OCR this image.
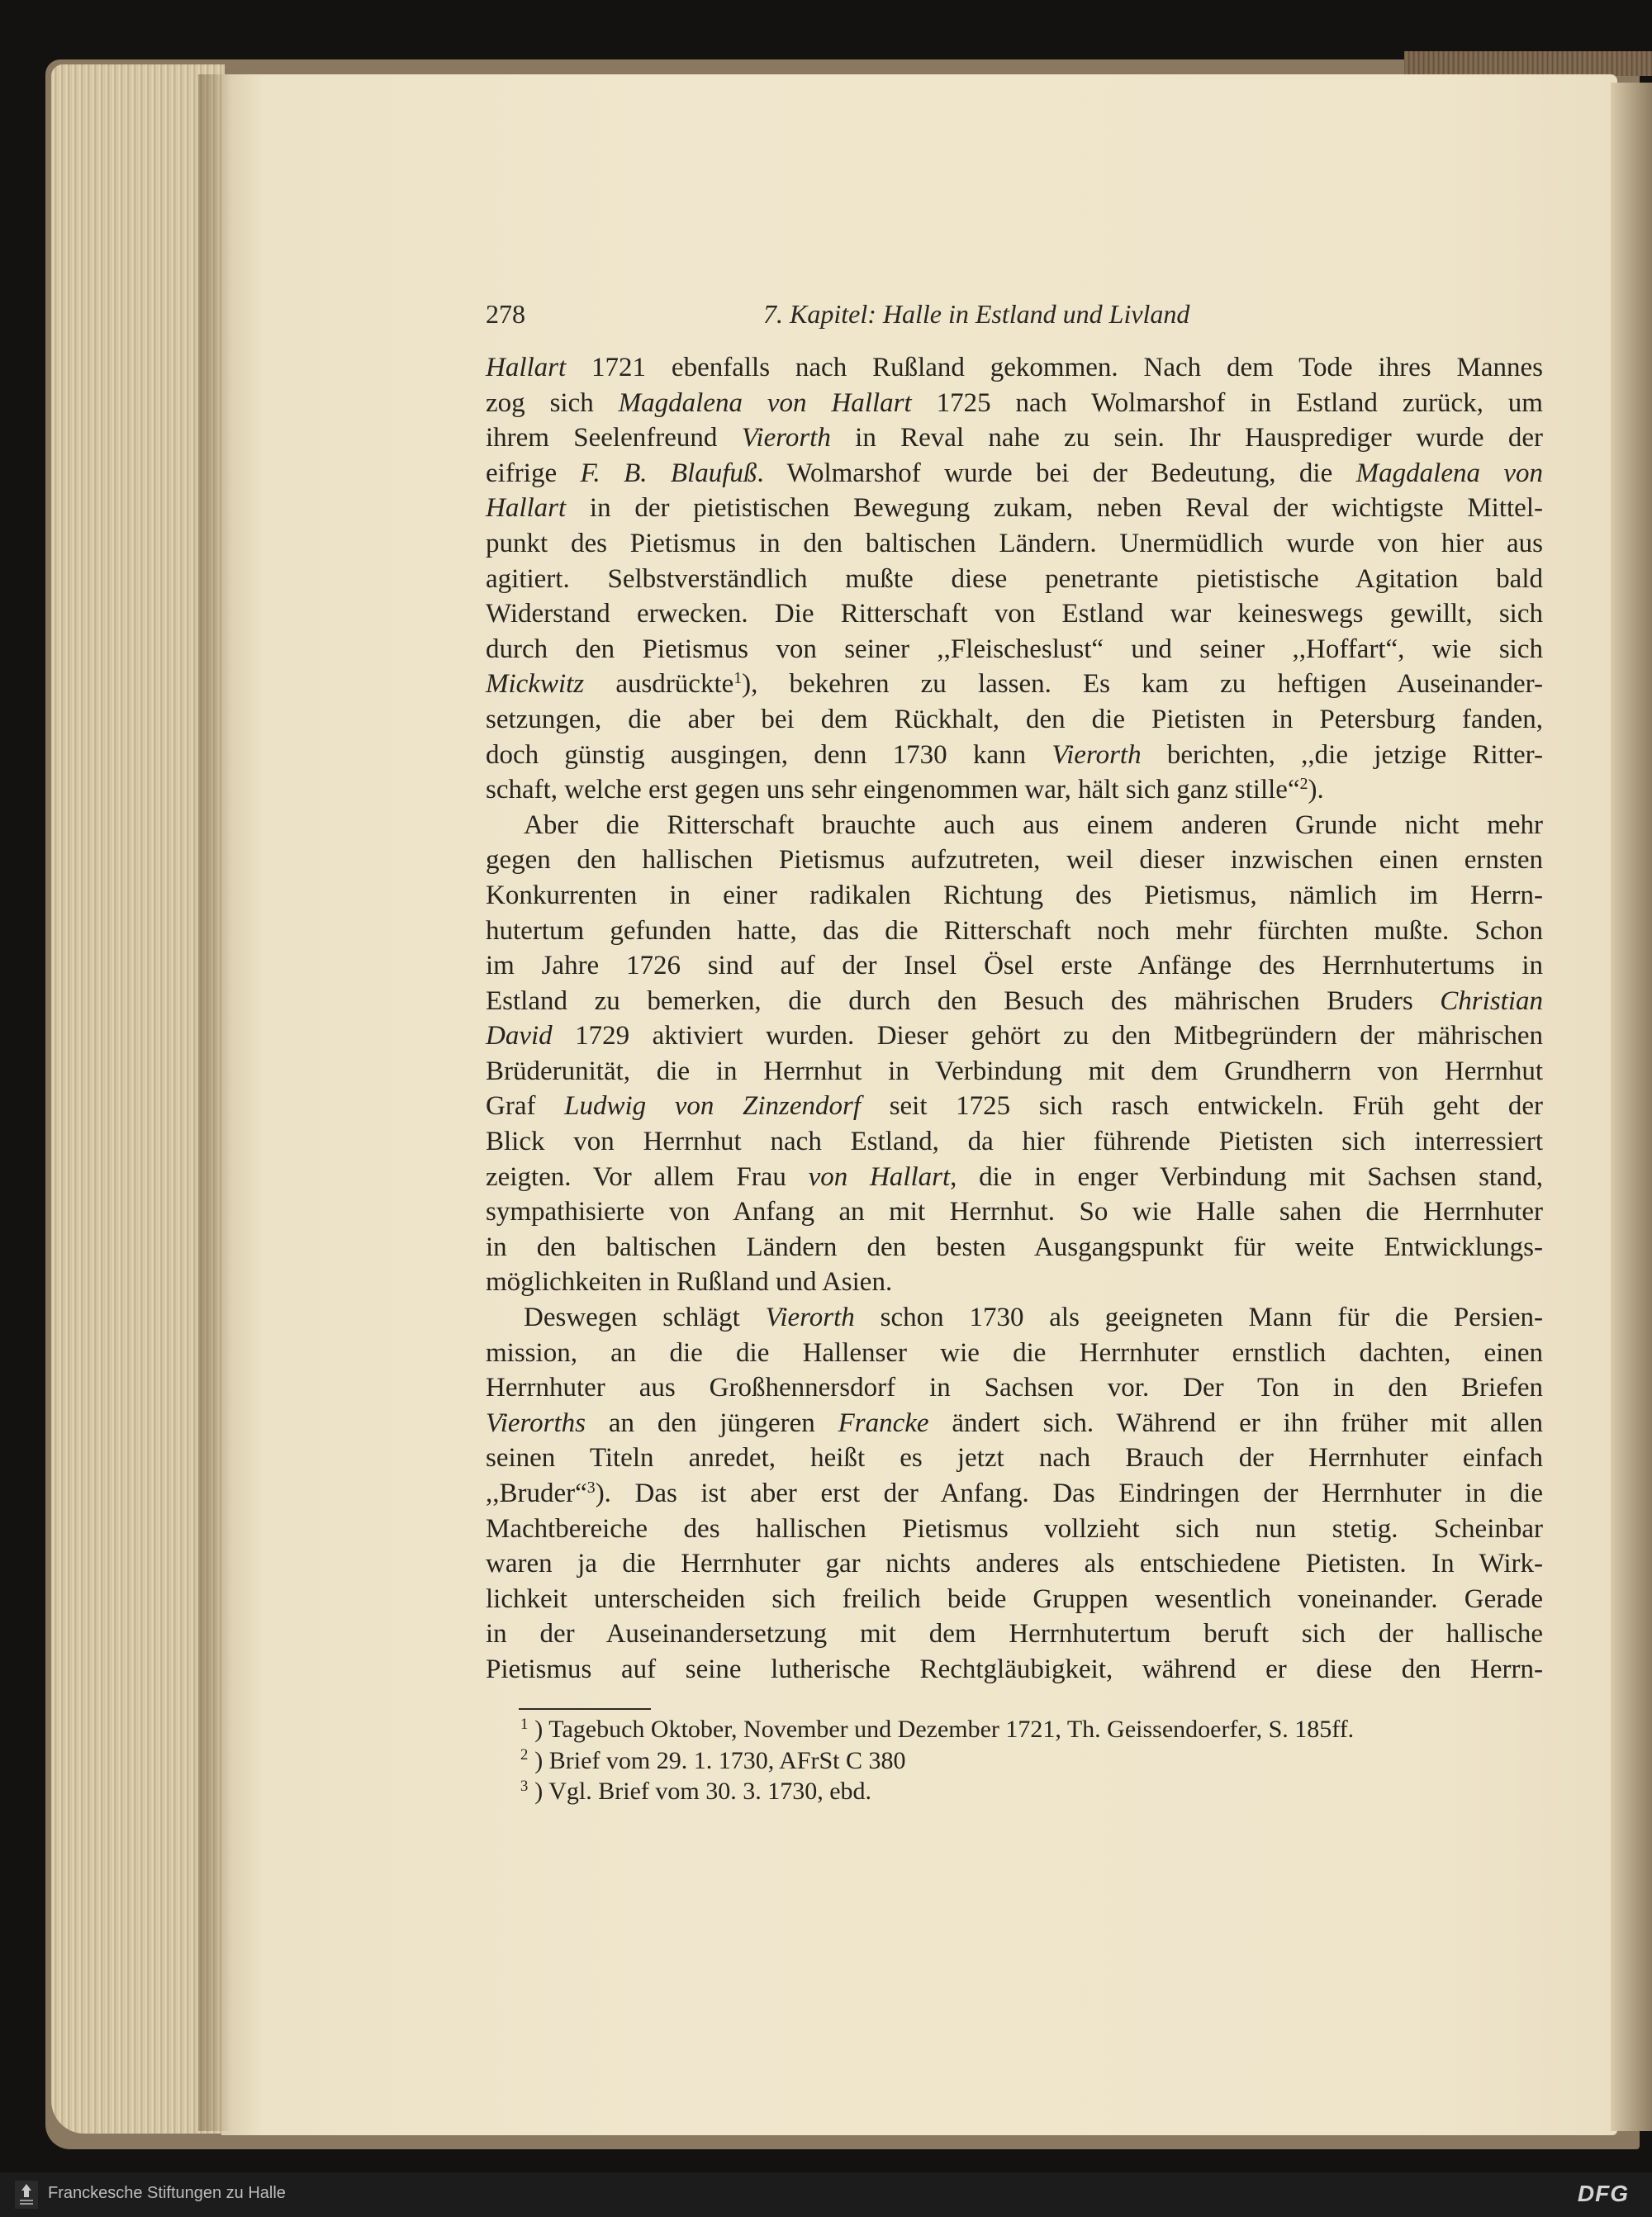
278	7. Kapitel: Halle in Estland und Livland
Hallart 1721 ebenfalls nach Rußland gekommen. Nach dem Tode ihres Mannes
zog sich Magdalena von Hallart 1725 nach Wolmarshof in Estland zurück, um
ihrem Seelenfreund Vierorth in Reval nahe zu sein. Ihr Hausprediger wurde der
eifrige F. B. Blaufuß. Wolmarshof wurde bei der Bedeutung, die Magdalena von
Hallart in der pietistischen Bewegung zukam, neben Reval der wichtigste Mittel-
punkt des Pietismus in den baltischen Ländern. Unermüdlich wurde von hier aus
agitiert. Selbstverständlich mußte diese penetrante pietistische Agitation bald
Widerstand erwecken. Die Ritterschaft von Estland war keineswegs gewillt, sich
durch den Pietismus von seiner ,,Fleischeslust“ und seiner ,,Hoffart“, wie sich
Mickwitz ausdrückte$^1$), bekehren zu lassen. Es kam zu heftigen Auseinander-
setzungen, die aber bei dem Rückhalt, den die Pietisten in Petersburg fanden,
doch günstig ausgingen, denn 1730 kann Vierorth berichten, ,,die jetzige Ritter-
schaft, welche erst gegen uns sehr eingenommen war, hält sich ganz stille“$^2$).
Aber die Ritterschaft brauchte auch aus einem anderen Grunde nicht mehr
gegen den hallischen Pietismus aufzutreten, weil dieser inzwischen einen ernsten
Konkurrenten in einer radikalen Richtung des Pietismus, nämlich im Herrn-
hutertum gefunden hatte, das die Ritterschaft noch mehr fürchten mußte. Schon
im Jahre 1726 sind auf der Insel Ösel erste Anfänge des Herrnhutertums in
Estland zu bemerken, die durch den Besuch des mährischen Bruders Christian
David 1729 aktiviert wurden. Dieser gehört zu den Mitbegründern der mährischen
Brüderunität, die in Herrnhut in Verbindung mit dem Grundherrn von Herrnhut
Graf Ludwig von Zinzendorf seit 1725 sich rasch entwickeln. Früh geht der
Blick von Herrnhut nach Estland, da hier führende Pietisten sich interressiert
zeigten. Vor allem Frau von Hallart, die in enger Verbindung mit Sachsen stand,
sympathisierte von Anfang an mit Herrnhut. So wie Halle sahen die Herrnhuter
in den baltischen Ländern den besten Ausgangspunkt für weite Entwicklungs-
möglichkeiten in Rußland und Asien.
Deswegen schlägt Vierorth schon 1730 als geeigneten Mann für die Persien-
mission, an die die Hallenser wie die Herrnhuter ernstlich dachten, einen
Herrnhuter aus Großhennersdorf in Sachsen vor. Der Ton in den Briefen
Vierorths an den jüngeren Francke ändert sich. Während er ihn früher mit allen
seinen Titeln anredet, heißt es jetzt nach Brauch der Herrnhuter einfach
,,Bruder“$^3$). Das ist aber erst der Anfang. Das Eindringen der Herrnhuter in die
Machtbereiche des hallischen Pietismus vollzieht sich nun stetig. Scheinbar
waren ja die Herrnhuter gar nichts anderes als entschiedene Pietisten. In Wirk-
lichkeit unterscheiden sich freilich beide Gruppen wesentlich voneinander. Gerade
in der Auseinandersetzung mit dem Herrnhutertum beruft sich der hallische
Pietismus auf seine lutherische Rechtgläubigkeit, während er diese den Herrn-
$^1$ ) Tagebuch Oktober, November und Dezember 1721, Th. Geissendoerfer, S. 185ff.
$^2$ ) Brief vom 29. 1. 1730, AFrSt C 380
$^3$ ) Vgl. Brief vom 30. 3. 1730, ebd.
Franckesche Stiftungen zu Halle	DFG
